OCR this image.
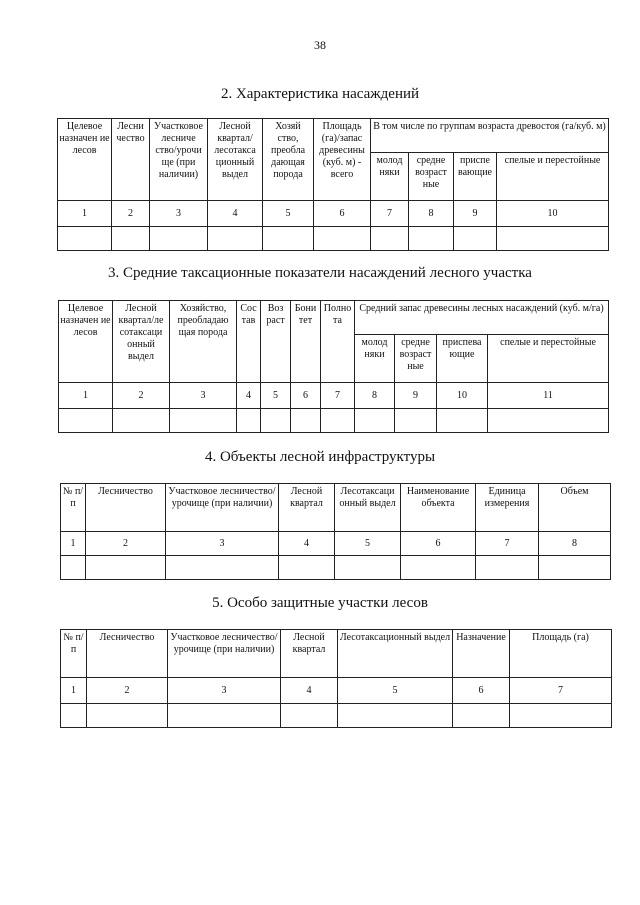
38
2. Характеристика насаждений
Целевое назначен ие лесов	Лесни чество	Участковое лесниче ство/урочи ще (при наличии)	Лесной квартал/ лесотакса ционный выдел	Хозяй ство, преобла дающая порода	Площадь (га)/запас древесины (куб. м) - всего	В том числе по группам возраста древостоя (га/куб. м)			
						молод няки	средне возраст ные	приспе вающие	спелые и перестойные
1	2	3	4	5	6	7	8	9	10

3. Средние таксационные показатели насаждений лесного участка
Целевое назначен ие лесов	Лесной квартал/ле сотаксаци онный выдел	Хозяйство, преобладаю щая порода	Сос тав	Воз раст	Бони тет	Полно та	Средний запас древесины лесных насаждений (куб. м/га)			
							молод няки	средне возраст ные	приспева ющие	спелые и перестойные
1	2	3	4	5	6	7	8	9	10	11

4. Объекты лесной инфраструктуры
№ п/п	Лесничество	Участковое лесничество/ урочище (при наличии)	Лесной квартал	Лесотаксаци онный выдел	Наименование объекта	Единица измерения	Объем
1	2	3	4	5	6	7	8

5. Особо защитные участки лесов
№ п/п	Лесничество	Участковое лесничество/урочище (при наличии)	Лесной квартал	Лесотаксационный выдел	Назначение	Площадь (га)
1	2	3	4	5	6	7
